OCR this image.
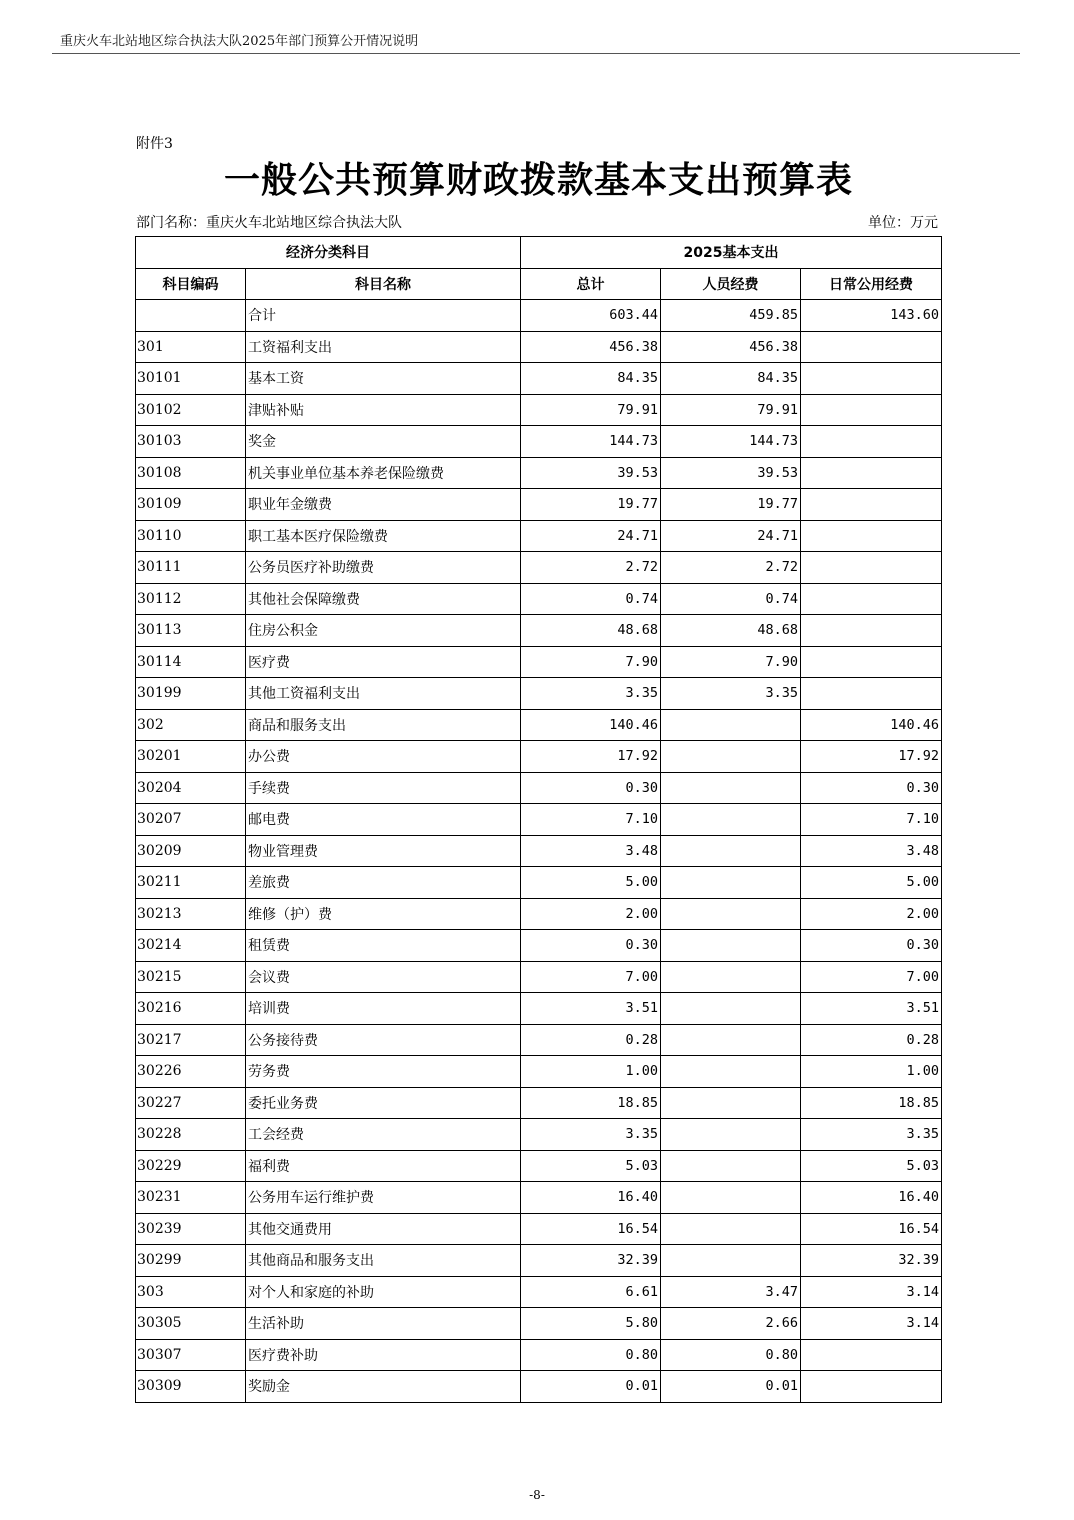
重庆火车北站地区综合执法大队2025年部门预算公开情况说明
附件3
一般公共预算财政拨款基本支出预算表
部门名称：重庆火车北站地区综合执法大队	单位：万元
经济分类科目		2025基本支出		
科目编码	科目名称	总计	人员经费	日常公用经费
	合计	603.44	459.85	143.60
301	工资福利支出	456.38	456.38	
30101	基本工资	84.35	84.35	
30102	津贴补贴	79.91	79.91	
30103	奖金	144.73	144.73	
30108	机关事业单位基本养老保险缴费	39.53	39.53	
30109	职业年金缴费	19.77	19.77	
30110	职工基本医疗保险缴费	24.71	24.71	
30111	公务员医疗补助缴费	2.72	2.72	
30112	其他社会保障缴费	0.74	0.74	
30113	住房公积金	48.68	48.68	
30114	医疗费	7.90	7.90	
30199	其他工资福利支出	3.35	3.35	
302	商品和服务支出	140.46		140.46
30201	办公费	17.92		17.92
30204	手续费	0.30		0.30
30207	邮电费	7.10		7.10
30209	物业管理费	3.48		3.48
30211	差旅费	5.00		5.00
30213	维修（护）费	2.00		2.00
30214	租赁费	0.30		0.30
30215	会议费	7.00		7.00
30216	培训费	3.51		3.51
30217	公务接待费	0.28		0.28
30226	劳务费	1.00		1.00
30227	委托业务费	18.85		18.85
30228	工会经费	3.35		3.35
30229	福利费	5.03		5.03
30231	公务用车运行维护费	16.40		16.40
30239	其他交通费用	16.54		16.54
30299	其他商品和服务支出	32.39		32.39
303	对个人和家庭的补助	6.61	3.47	3.14
30305	生活补助	5.80	2.66	3.14
30307	医疗费补助	0.80	0.80	
30309	奖励金	0.01	0.01	
-8-
